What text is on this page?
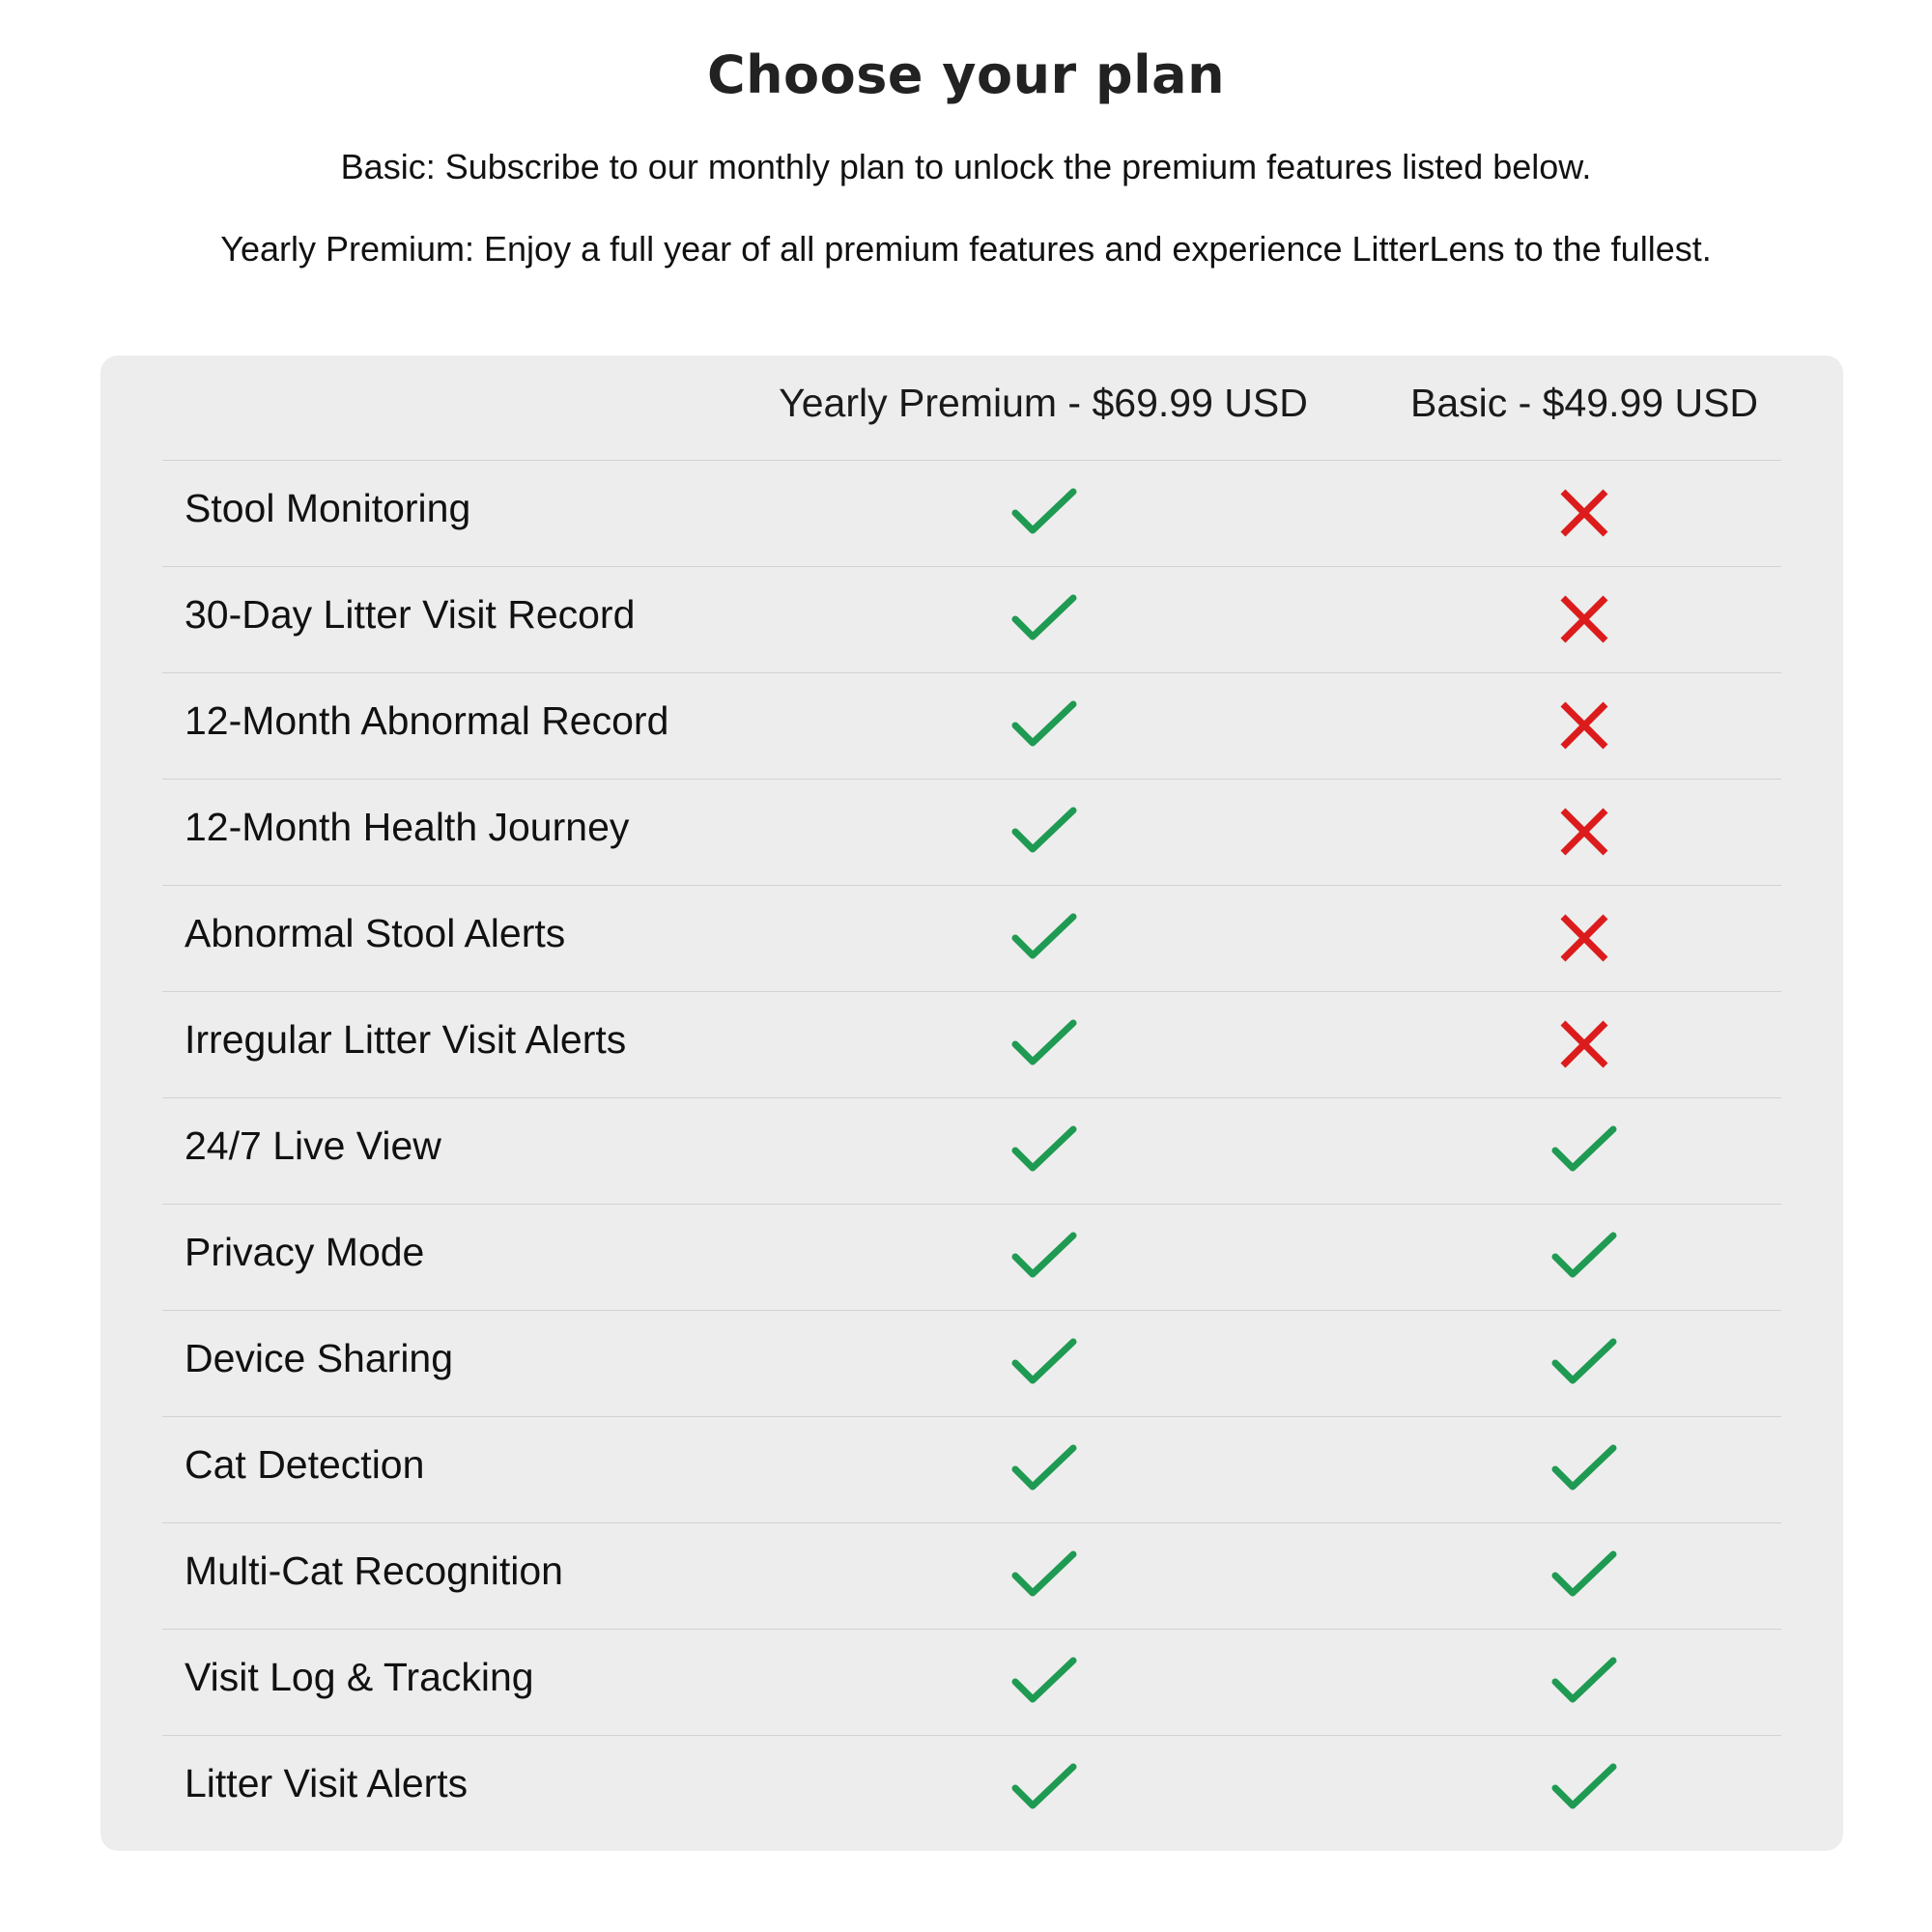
Choose your plan
Basic: Subscribe to our monthly plan to unlock the premium features listed below.
Yearly Premium: Enjoy a full year of all premium features and experience LitterLens to the fullest.
Yearly Premium - $69.99 USD	Basic - $49.99 USD
Stool Monitoring
30-Day Litter Visit Record
12-Month Abnormal Record
12-Month Health Journey
Abnormal Stool Alerts
Irregular Litter Visit Alerts
24/7 Live View
Privacy Mode
Device Sharing
Cat Detection
Multi-Cat Recognition
Visit Log & Tracking
Litter Visit Alerts
